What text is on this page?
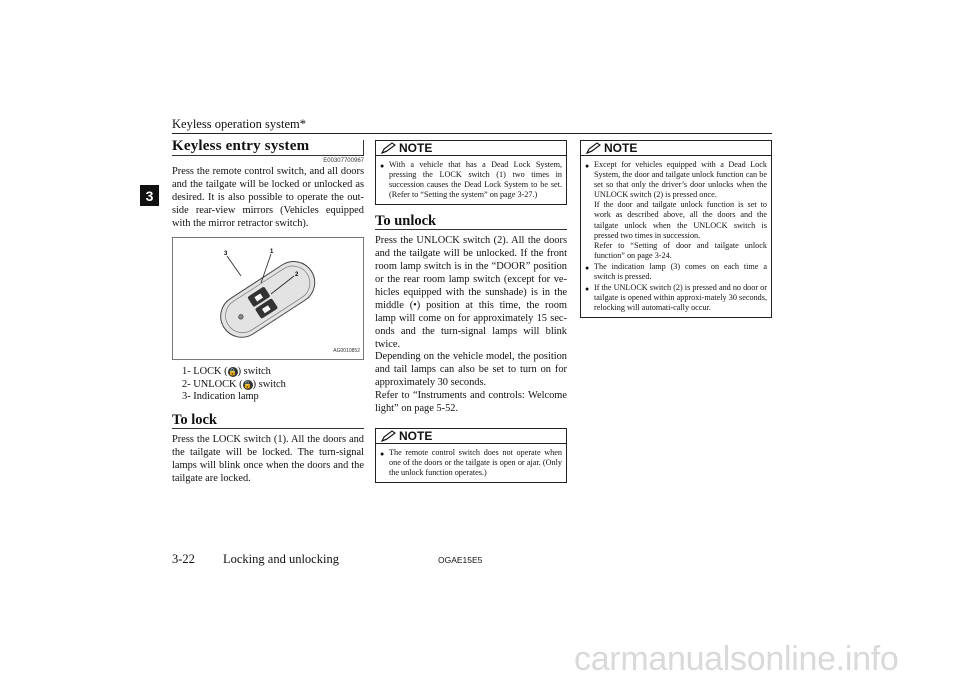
Keyless operation system*
3
Keyless entry system
E00307700967

Press the remote control switch, and all doors and the tailgate will be locked or unlocked as desired. It is also possible to operate the out-side rear-view mirrors (Vehicles equipped with the mirror retractor switch).

3	1
2
AG0010852
1- LOCK (🔒) switch
2- UNLOCK (🔓) switch
3- Indication lamp
To lock

Press the LOCK switch (1). All the doors and the tailgate will be locked. The turn-signal lamps will blink once when the doors and the tailgate are locked.

NOTE
● With a vehicle that has a Dead Lock System, pressing the LOCK switch (1) two times in succession causes the Dead Lock System to be set. (Refer to “Setting the system” on page 3-27.)
To unlock

Press the UNLOCK switch (2). All the doors and the tailgate will be unlocked. If the front room lamp switch is in the “DOOR” position or the rear room lamp switch (except for ve-hicles equipped with the sunshade) is in the middle (•) position at this time, the room lamp will come on for approximately 15 sec-onds and the turn-signal lamps will blink twice.

Depending on the vehicle model, the position and tail lamps can also be set to turn on for approximately 30 seconds.

Refer to “Instruments and controls: Welcome light” on page 5-52.

NOTE
● The remote control switch does not operate when one of the doors or the tailgate is open or ajar. (Only the unlock function operates.)
NOTE
● Except for vehicles equipped with a Dead Lock System, the door and tailgate unlock function can be set so that only the driver’s door unlocks when the UNLOCK switch (2) is pressed once.
If the door and tailgate unlock function is set to work as described above, all the doors and the tailgate unlock when the UNLOCK switch is pressed two times in succession.
Refer to “Setting of door and tailgate unlock function” on page 3-24.
● The indication lamp (3) comes on each time a switch is pressed.
● If the UNLOCK switch (2) is pressed and no door or tailgate is opened within approxi-mately 30 seconds, relocking will automati-cally occur.
3-22 Locking and unlocking	OGAE15E5
carmanualsonline.info
